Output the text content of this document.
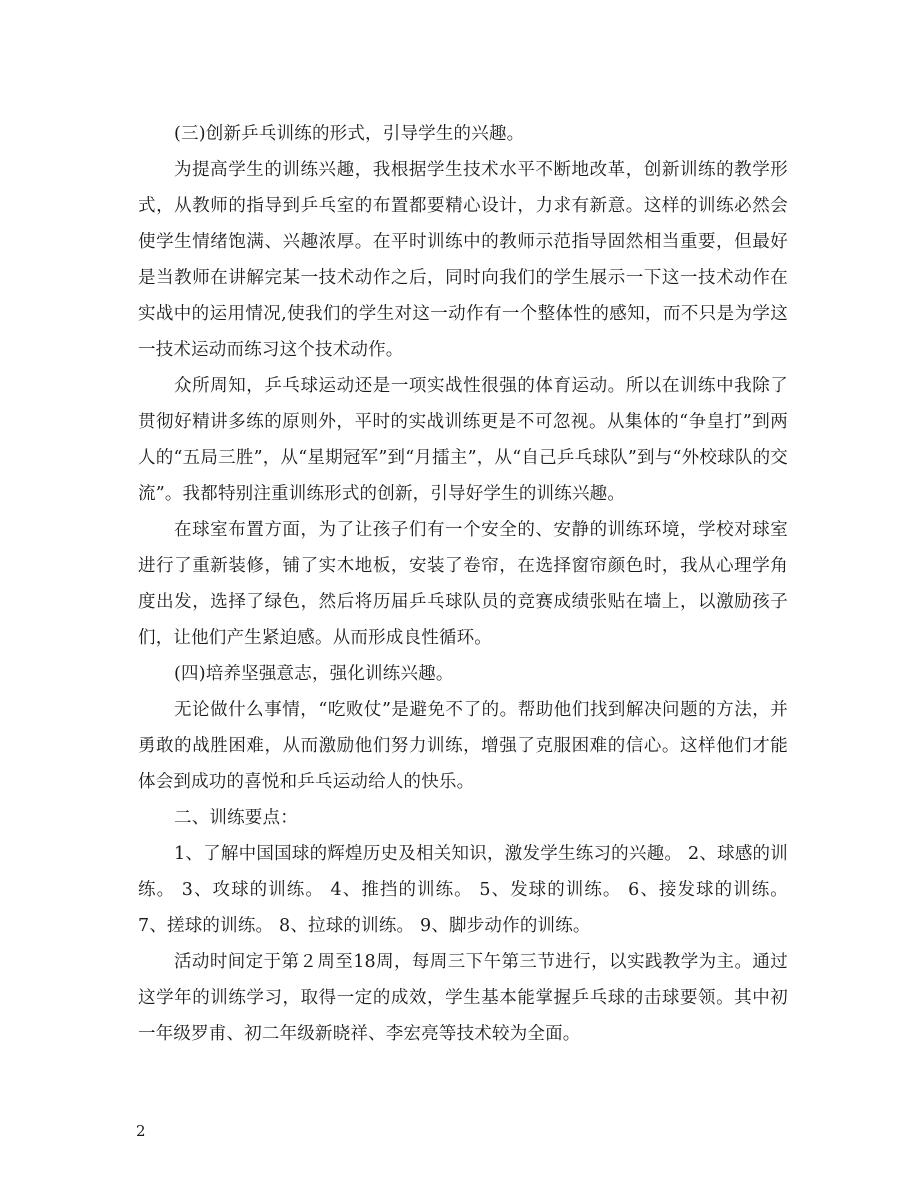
(三)创新乒乓训练的形式，引导学生的兴趣。

为提高学生的训练兴趣，我根据学生技术水平不断地改革，创新训练的教学形式，从教师的指导到乒乓室的布置都要精心设计，力求有新意。这样的训练必然会使学生情绪饱满、兴趣浓厚。在平时训练中的教师示范指导固然相当重要，但最好是当教师在讲解完某一技术动作之后，同时向我们的学生展示一下这一技术动作在实战中的运用情况,使我们的学生对这一动作有一个整体性的感知，而不只是为学这一技术运动而练习这个技术动作。

众所周知，乒乓球运动还是一项实战性很强的体育运动。所以在训练中我除了贯彻好精讲多练的原则外，平时的实战训练更是不可忽视。从集体的“争皇打”到两人的“五局三胜”，从“星期冠军”到“月擂主”，从“自己乒乓球队”到与“外校球队的交流”。我都特别注重训练形式的创新，引导好学生的训练兴趣。

在球室布置方面，为了让孩子们有一个安全的、安静的训练环境，学校对球室进行了重新装修，铺了实木地板，安装了卷帘，在选择窗帘颜色时，我从心理学角度出发，选择了绿色，然后将历届乒乓球队员的竞赛成绩张贴在墙上，以激励孩子们，让他们产生紧迫感。从而形成良性循环。

(四)培养坚强意志，强化训练兴趣。

无论做什么事情，“吃败仗”是避免不了的。帮助他们找到解决问题的方法，并勇敢的战胜困难，从而激励他们努力训练，增强了克服困难的信心。这样他们才能体会到成功的喜悦和乒乓运动给人的快乐。

二、训练要点：

1、了解中国国球的辉煌历史及相关知识，激发学生练习的兴趣。 2、球感的训练。 3、攻球的训练。 4、推挡的训练。 5、发球的训练。 6、接发球的训练。 7、搓球的训练。 8、拉球的训练。 9、脚步动作的训练。

活动时间定于第２周至18周，每周三下午第三节进行，以实践教学为主。通过这学年的训练学习，取得一定的成效，学生基本能掌握乒乓球的击球要领。其中初一年级罗甫、初二年级新晓祥、李宏亮等技术较为全面。

2
